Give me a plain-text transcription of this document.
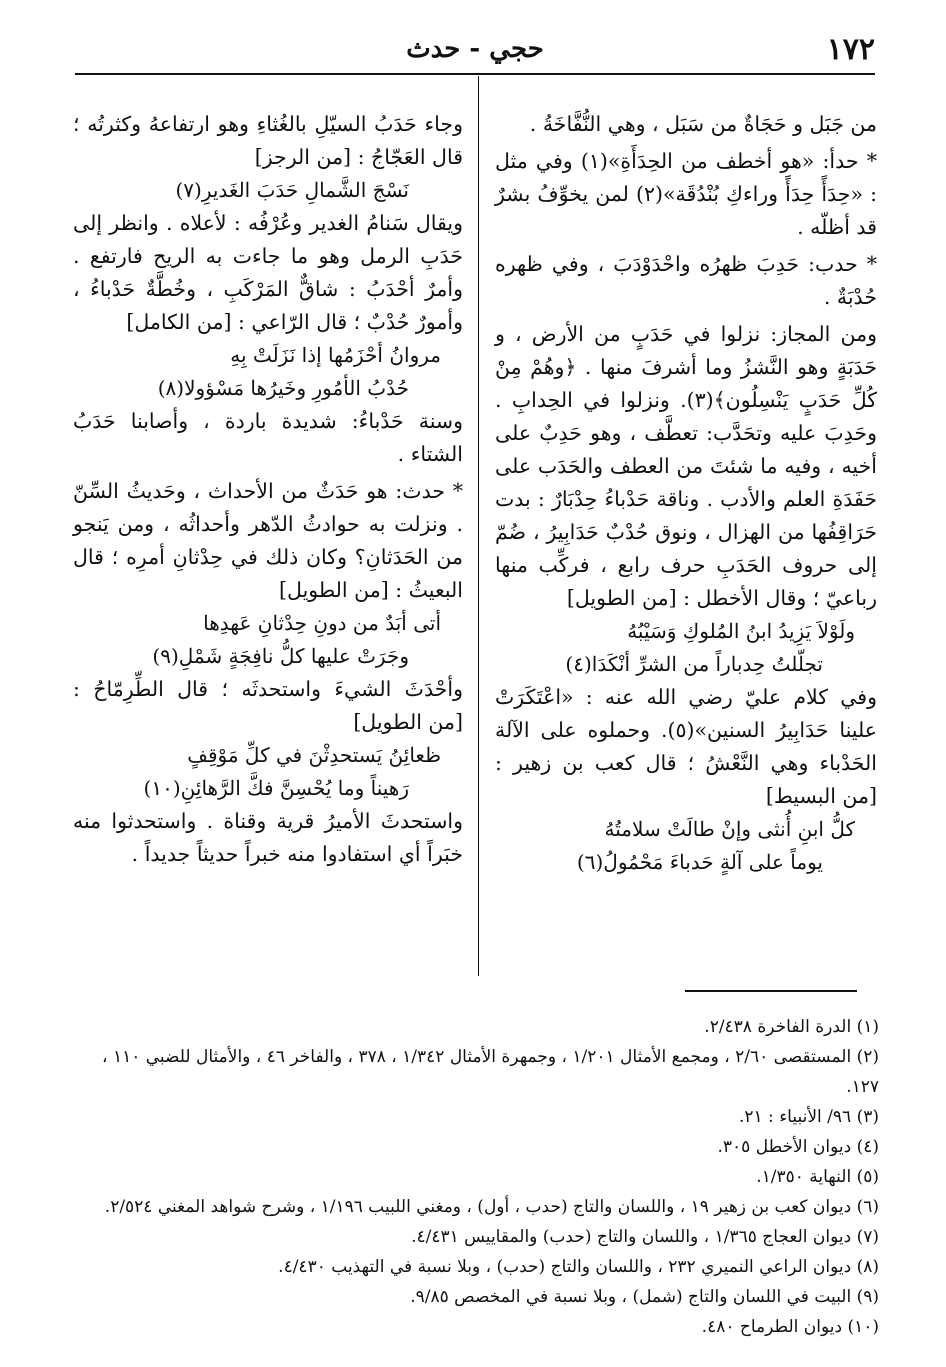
١٧٢
حجي - حدث

من جَبَل و حَجَاةٌ من سَبَل ، وهي النُّفَّاخَةُ .

* حدأ: «هو أخطف من الحِدَأَةِ»(١) وفي مثل : «حِدَأً حِدَأً وراءكِ بُنْدُقَة»(٢) لمن يخوِّفُ بشرٌ قد أظلّه .

* حدب: حَدِبَ ظهرُه واحْدَوْدَبَ ، وفي ظهره حُدْبَةٌ .

ومن المجاز: نزلوا في حَدَبٍ من الأرض ، و حَدَبَةٍ وهو النَّشزُ وما أشرفَ منها . ﴿وهُمْ مِنْ كُلِّ حَدَبٍ يَنْسِلُون﴾(٣). ونزلوا في الحِدابِ . وحَدِبَ عليه وتحَدَّب: تعطَّف ، وهو حَدِبٌ على أخيه ، وفيه ما شئتَ من العطف والحَدَب على حَفَدَةِ العلم والأدب . وناقة حَدْباءُ حِدْبَارٌ : بدت حَرَاقِفُها من الهزال ، ونوق حُدْبٌ حَدَابِيرُ ، ضُمّ إلى حروف الحَدَبِ حرف رابع ، فركِّب منها رباعيّ ؛ وقال الأخطل : [من الطويل]

ولَوْلاَ يَزِيدُ ابنُ المُلوكِ وَسَيْبُهُ

تجلّلتُ حِدباراً من الشرِّ أنْكَدَا(٤)

وفي كلام عليّ رضي الله عنه : «اعْتَكَرَتْ علينا حَدَابِيرُ السنين»(٥). وحملوه على الآلة الحَدْباء وهي النَّعْشُ ؛ قال كعب بن زهير : [من البسيط]

كلُّ ابنِ أُنثى وإنْ طالَتْ سلامتُهُ

يوماً على آلةٍ حَدباءَ مَحْمُولُ(٦)

وجاء حَدَبُ السيّلِ بالغُثاءِ وهو ارتفاعهُ وكثرتُه ؛ قال العَجّاجُ : [من الرجز]

نَسْجَ الشَّمالِ حَدَبَ الغَديرِ(٧)

ويقال سَنامُ الغدير وعُرْفُه : لأعلاه . وانظر إلى حَدَبِ الرمل وهو ما جاءت به الريح فارتفع . وأمرٌ أحْدَبُ : شاقٌّ المَرْكَبِ ، وخُطَّةٌ حَدْباءُ ، وأمورٌ حُدْبٌ ؛ قال الرّاعي : [من الكامل]

مروانُ أحْزَمُها إذا نَزَلَتْ بِهِ

حُدْبُ الأمُورِ وخَيرُها مَسْؤولا(٨)

وسنة حَدْباءُ: شديدة باردة ، وأصابنا حَدَبُ الشتاء .

* حدث: هو حَدَثٌ من الأحداث ، وحَديثُ السِّنّ . ونزلت به حوادثُ الدّهر وأحداثُه ، ومن يَنجو من الحَدَثانِ؟ وكان ذلك في حِدْثانِ أمرِه ؛ قال البعيثُ : [من الطويل]

أتى أبَدٌ من دونِ حِدْثانِ عَهدِها

وجَرَتْ عليها كلُّ نافِجَةٍ شَمْلِ(٩)

وأحْدَثَ الشيءَ واستحدثَه ؛ قال الطِّرِمّاحُ : [من الطويل]

ظعائِنُ يَستحدِثْنَ في كلِّ مَوْقِفٍ

رَهيناً وما يُحْسِنَّ فكَّ الرَّهائِنِ(١٠)

واستحدثَ الأميرُ قرية وقناة . واستحدثوا منه خبَراً أي استفادوا منه خبراً حديثاً جديداً .

(١) الدرة الفاخرة ٢/٤٣٨.

(٢) المستقصى ٢/٦٠ ، ومجمع الأمثال ١/٢٠١ ، وجمهرة الأمثال ١/٣٤٢ ، ٣٧٨ ، والفاخر ٤٦ ، والأمثال للضبي ١١٠ ، ١٢٧.

(٣) ٩٦/ الأنبياء : ٢١.

(٤) ديوان الأخطل ٣٠٥.

(٥) النهاية ١/٣٥٠.

(٦) ديوان كعب بن زهير ١٩ ، واللسان والتاج (حدب ، أول) ، ومغني اللبيب ١/١٩٦ ، وشرح شواهد المغني ٢/٥٢٤.

(٧) ديوان العجاج ١/٣٦٥ ، واللسان والتاج (حدب) والمقاييس ٤/٤٣١.

(٨) ديوان الراعي النميري ٢٣٢ ، واللسان والتاج (حدب) ، وبلا نسبة في التهذيب ٤/٤٣٠.

(٩) البيت في اللسان والتاج (شمل) ، وبلا نسبة في المخصص ٩/٨٥.

(١٠) ديوان الطرماح ٤٨٠.
